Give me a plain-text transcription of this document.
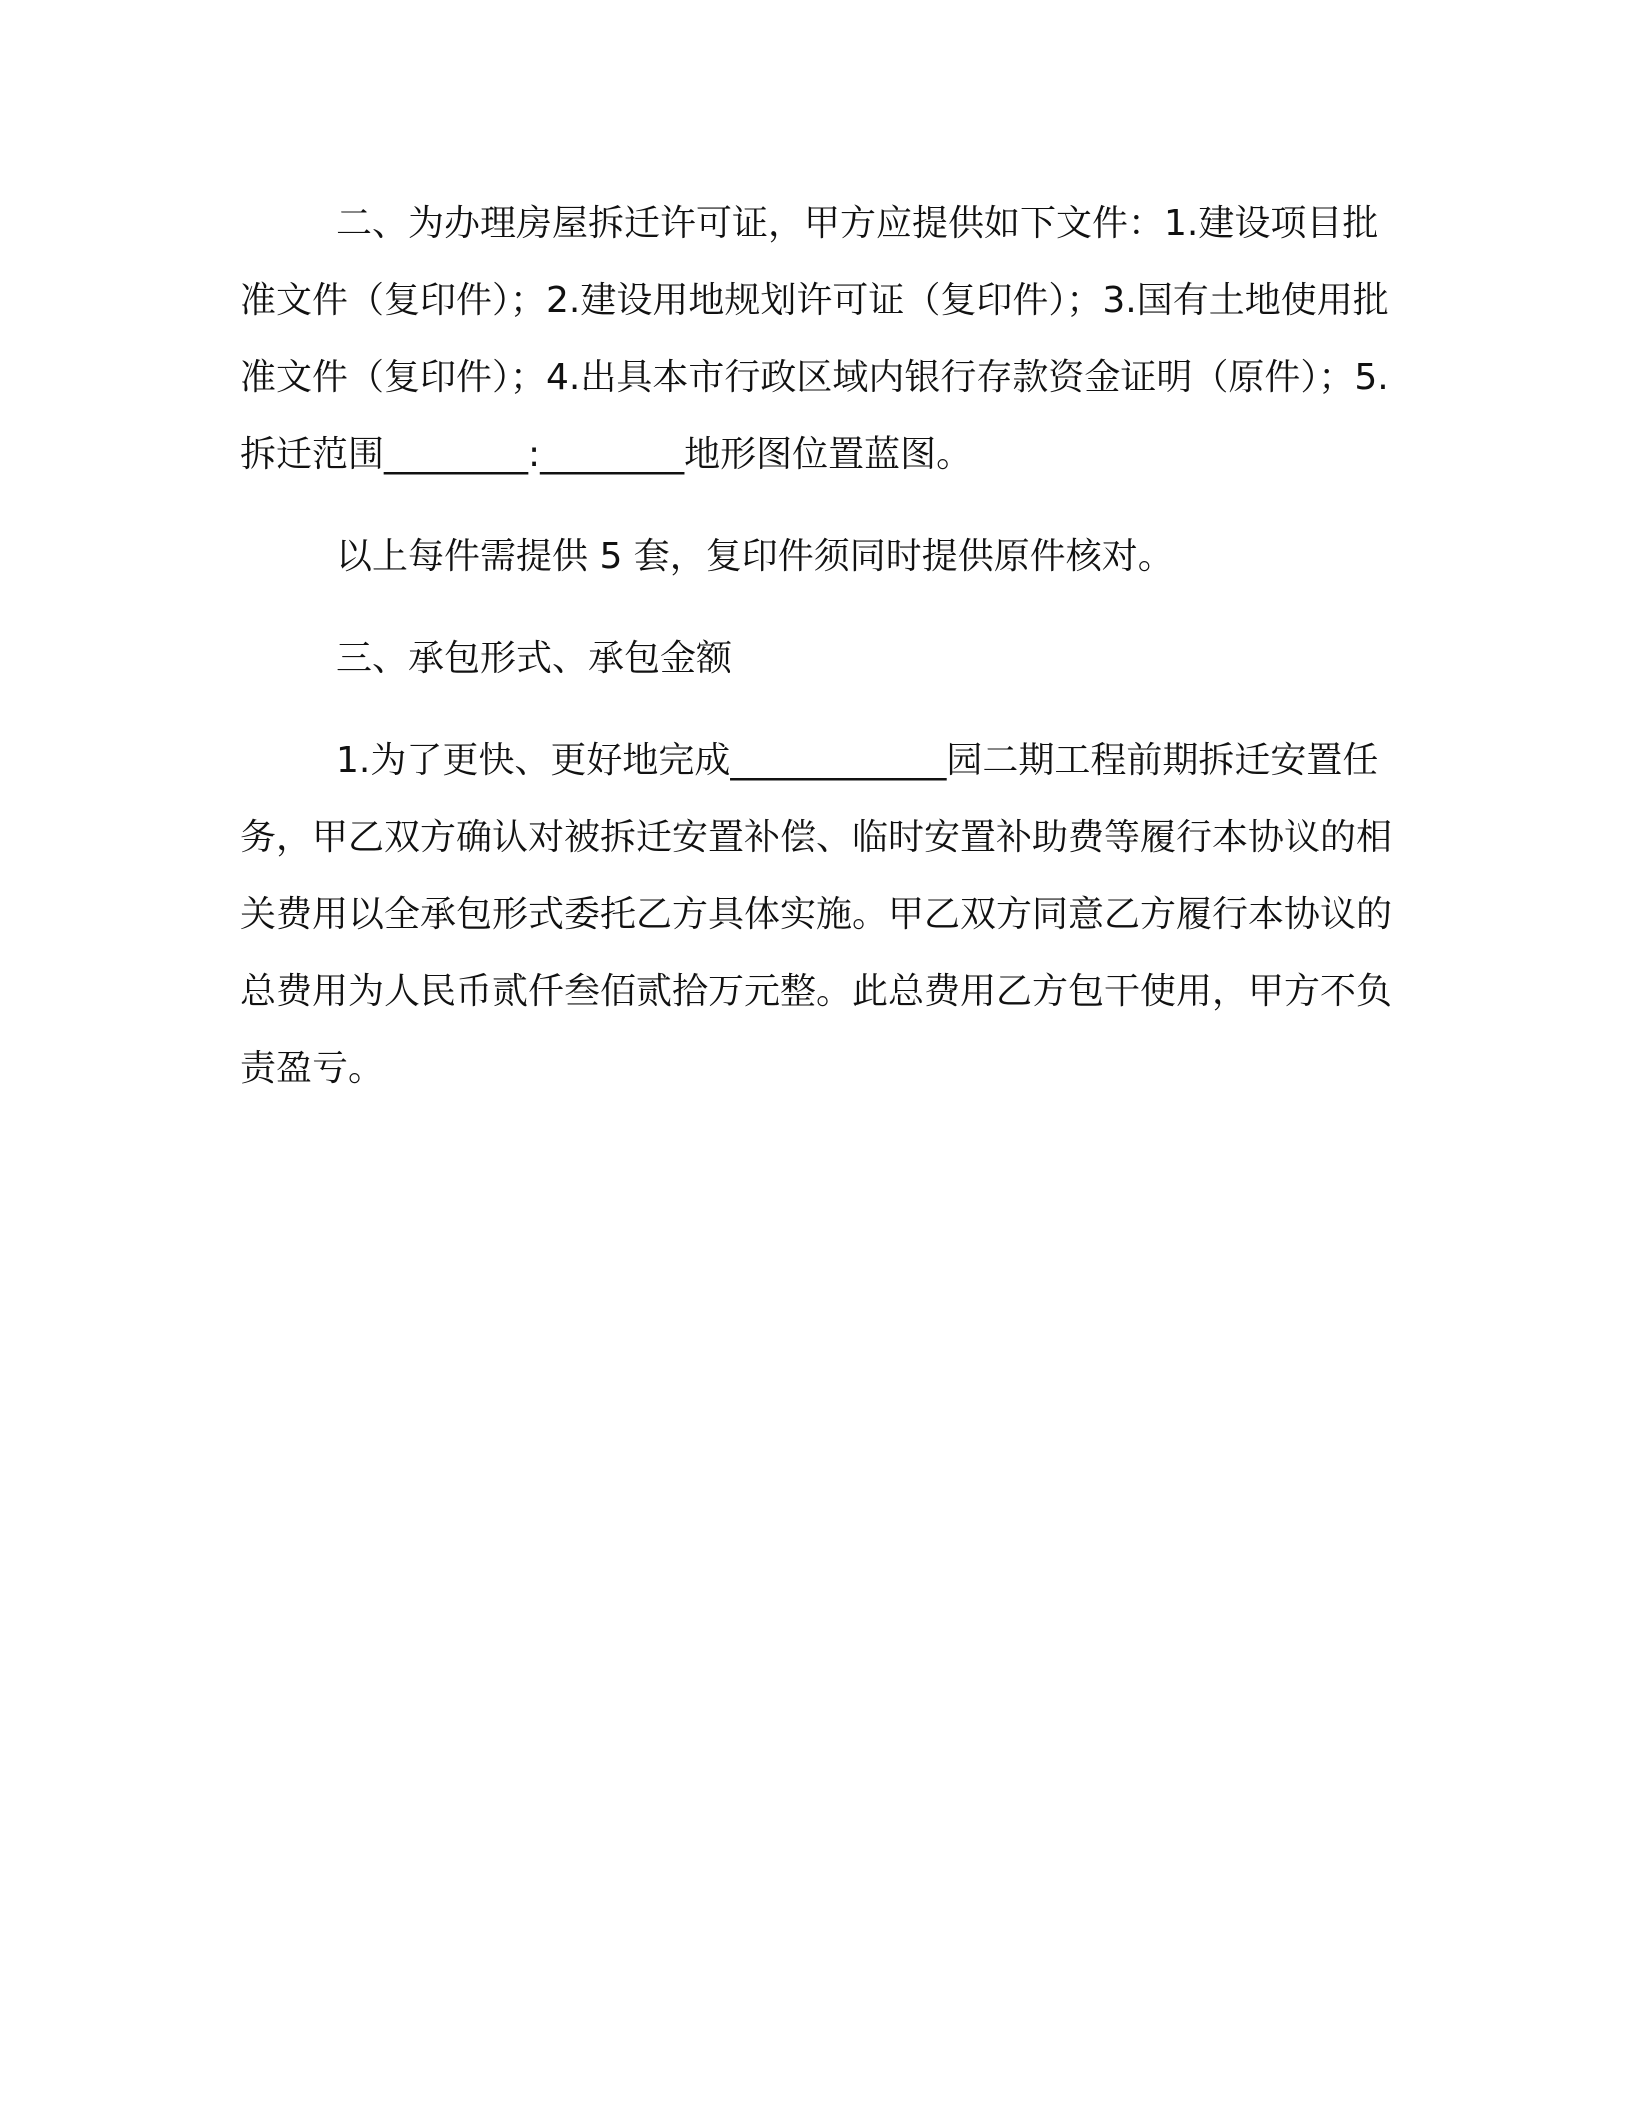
二、为办理房屋拆迁许可证，甲方应提供如下文件：1.建设项目批准文件（复印件）；2.建设用地规划许可证（复印件）；3.国有土地使用批准文件（复印件）；4.出具本市行政区域内银行存款资金证明（原件）；5.拆迁范围________:________地形图位置蓝图。

以上每件需提供 5 套，复印件须同时提供原件核对。

三、承包形式、承包金额

1.为了更快、更好地完成____________园二期工程前期拆迁安置任务，甲乙双方确认对被拆迁安置补偿、临时安置补助费等履行本协议的相关费用以全承包形式委托乙方具体实施。甲乙双方同意乙方履行本协议的总费用为人民币贰仟叁佰贰拾万元整。此总费用乙方包干使用，甲方不负责盈亏。
